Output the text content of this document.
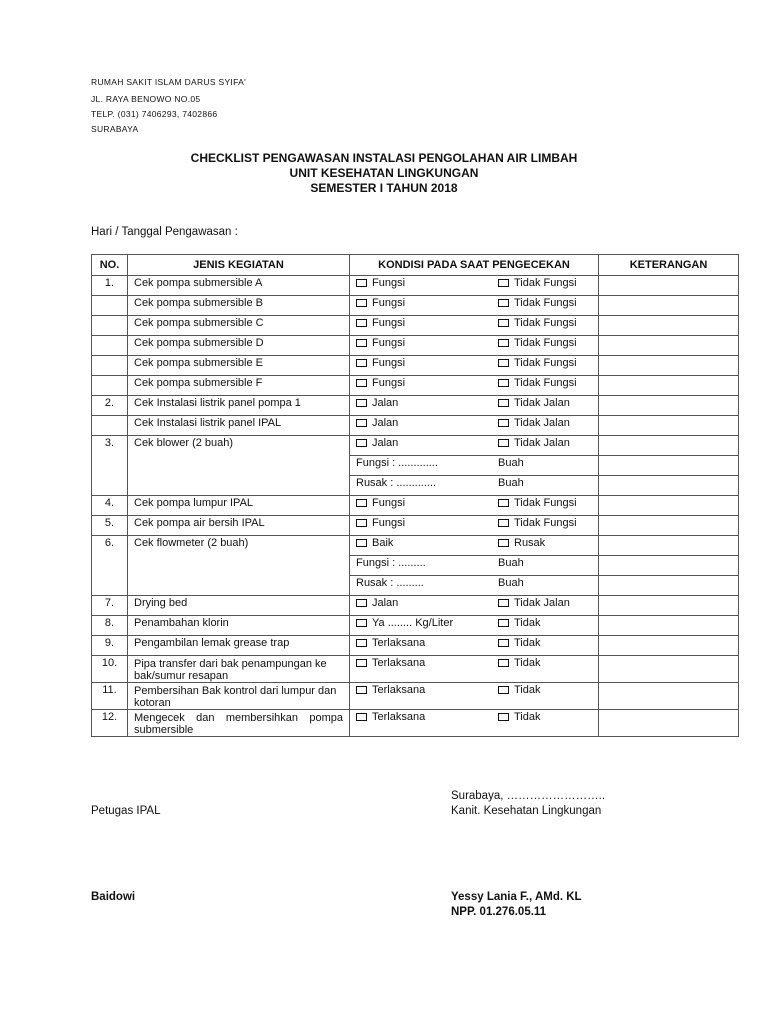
RUMAH SAKIT ISLAM DARUS SYIFA'
JL. RAYA BENOWO NO.05
TELP. (031) 7406293, 7402866
SURABAYA
CHECKLIST PENGAWASAN INSTALASI PENGOLAHAN AIR LIMBAH
UNIT KESEHATAN LINGKUNGAN
SEMESTER I TAHUN 2018
Hari / Tanggal Pengawasan :
NO.	JENIS KEGIATAN	KONDISI PADA SAAT PENGECEKAN	KETERANGAN
1.	Cek pompa submersible A	Fungsi Tidak Fungsi	

	Cek pompa submersible B	Fungsi Tidak Fungsi	

	Cek pompa submersible C	Fungsi Tidak Fungsi	

	Cek pompa submersible D	Fungsi Tidak Fungsi	

	Cek pompa submersible E	Fungsi Tidak Fungsi	

	Cek pompa submersible F	Fungsi Tidak Fungsi	

2.	Cek Instalasi listrik panel pompa 1	Jalan Tidak Jalan	

	Cek Instalasi listrik panel IPAL	Jalan Tidak Jalan	

3.	Cek blower (2 buah)	Jalan Tidak Jalan	

		Fungsi : ............. Buah	

		Rusak : ............. Buah	

4.	Cek pompa lumpur IPAL	Fungsi Tidak Fungsi	

5.	Cek pompa air bersih IPAL	Fungsi Tidak Fungsi	

6.	Cek flowmeter (2 buah)	Baik Rusak	

		Fungsi : ......... Buah	

		Rusak : ......... Buah	

7.	Drying bed	Jalan Tidak Jalan	

8.	Penambahan klorin	Ya ........ Kg/Liter Tidak	

9.	Pengambilan lemak grease trap	Terlaksana Tidak	

10.	Pipa transfer dari bak penampungan ke bak/sumur resapan	Terlaksana Tidak	

11.	Pembersihan Bak kontrol dari lumpur dan kotoran	Terlaksana Tidak	

12.	Mengecek dan membersihkan pompa submersible	Terlaksana Tidak	

Surabaya, ……………………..
Petugas IPAL	Kanit. Kesehatan Lingkungan
Baidowi	Yessy Lania F., AMd. KL
NPP. 01.276.05.11
